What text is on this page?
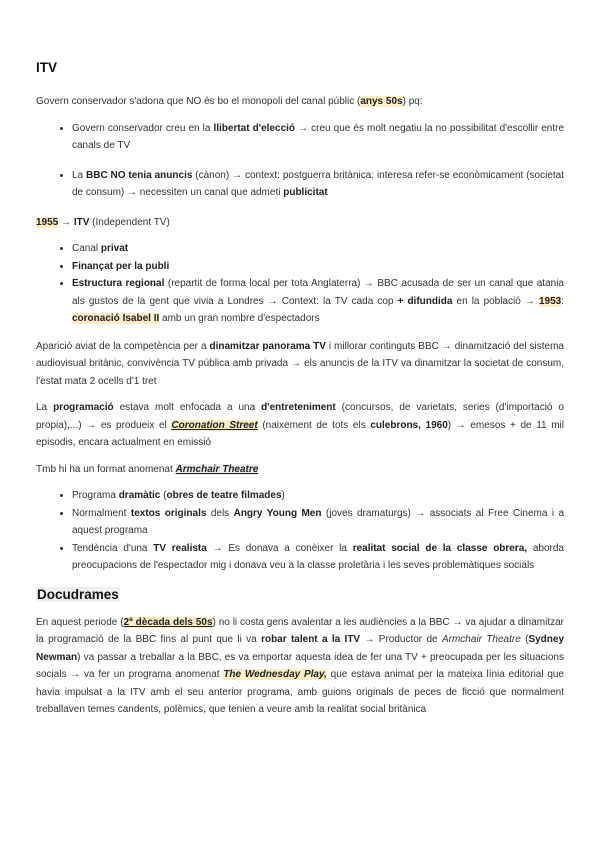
ITV

Govern conservador s'adona que NO és bo el monopoli del canal públic (anys 50s) pq:

• Govern conservador creu en la llibertat d'elecció → creu que és molt negatiu la no possibilitat d'escollir entre canals de TV
• La BBC NO tenia anuncis (cànon) → context: postguerra britànica: interesa refer-se econòmicament (societat de consum) → necessiten un canal que admeti publicitat

1955 → ITV (Independent TV)

• Canal privat
• Finançat per la publi
• Estructura regional (repartit de forma local per tota Anglaterra) → BBC acusada de ser un canal que atania als gustos de la gent que vivia a Londres → Context: la TV cada cop + difundida en la població → 1953: coronació Isabel II amb un gran nombre d'espectadors

Aparició aviat de la competència per a dinamitzar panorama TV i millorar continguts BBC → dinamització del sistema audiovisual britànic, convivència TV pública amb privada → els anuncis de la ITV va dinamitzar la societat de consum, l'estat mata 2 ocells d'1 tret

La programació estava molt enfocada a una d'entreteniment (concursos, de varietats, series (d'importació o propia),...) → es produeix el Coronation Street (naixement de tots els culebrons, 1960) → emesos + de 11 mil episodis, encara actualment en emissió

Tmb hi ha un format anomenat Armchair Theatre

• Programa dramàtic (obres de teatre filmades)
• Normalment textos originals dels Angry Young Men (joves dramaturgs) → associats al Free Cinema i a aquest programa
• Tendència d'una TV realista → Es donava a conèixer la realitat social de la classe obrera, aborda preocupacions de l'espectador mig i donava veu a la classe proletària i les seves problemàtiques socials
Docudrames

En aquest periode (2ª dècada dels 50s) no li costa gens avalentar a les audiències a la BBC → va ajudar a dinamitzar la programació de la BBC fins al punt que li va robar talent a la ITV → Productor de Armchair Theatre (Sydney Newman) va passar a treballar a la BBC, es va emportar aquesta idea de fer una TV + preocupada per les situacions socials → va fer un programa anomenat The Wednesday Play, que estava animat per la mateixa línia editorial que havia impulsat a la ITV amb el seu anterior programa, amb guions originals de peces de ficció que normalment treballaven temes candents, polèmics, que tenien a veure amb la realitat social britànica
